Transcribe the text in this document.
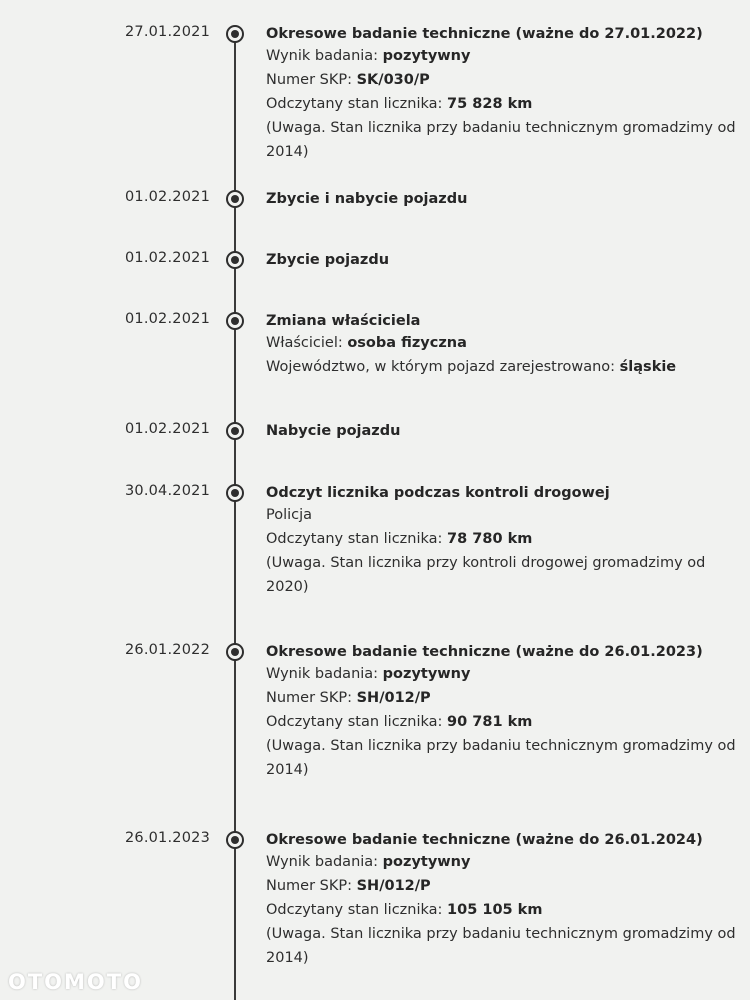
27.01.2021	Okresowe badanie techniczne (ważne do 27.01.2022)
Wynik badania: pozytywny
Numer SKP: SK/030/P
Odczytany stan licznika: 75 828 km
(Uwaga. Stan licznika przy badaniu technicznym gromadzimy od 2014)
01.02.2021	Zbycie i nabycie pojazdu
01.02.2021	Zbycie pojazdu
01.02.2021	Zmiana właściciela
Właściciel: osoba fizyczna
Województwo, w którym pojazd zarejestrowano: śląskie
01.02.2021	Nabycie pojazdu
30.04.2021	Odczyt licznika podczas kontroli drogowej
Policja
Odczytany stan licznika: 78 780 km
(Uwaga. Stan licznika przy kontroli drogowej gromadzimy od 2020)
26.01.2022	Okresowe badanie techniczne (ważne do 26.01.2023)
Wynik badania: pozytywny
Numer SKP: SH/012/P
Odczytany stan licznika: 90 781 km
(Uwaga. Stan licznika przy badaniu technicznym gromadzimy od 2014)
26.01.2023	Okresowe badanie techniczne (ważne do 26.01.2024)
Wynik badania: pozytywny
Numer SKP: SH/012/P
Odczytany stan licznika: 105 105 km
(Uwaga. Stan licznika przy badaniu technicznym gromadzimy od 2014)
OTOMOTO
